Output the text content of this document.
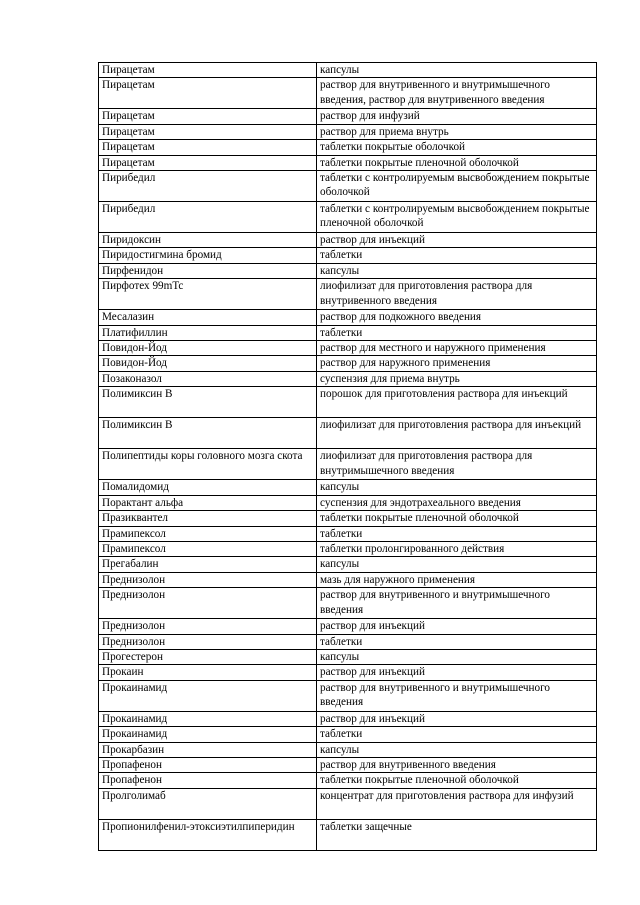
Пирацетам	капсулы
Пирацетам	раствор для внутривенного и внутримышечного введения, раствор для внутривенного введения
Пирацетам	раствор для инфузий
Пирацетам	раствор для приема внутрь
Пирацетам	таблетки покрытые оболочкой
Пирацетам	таблетки покрытые пленочной оболочкой
Пирибедил	таблетки с контролируемым высвобождением покрытые оболочкой
Пирибедил	таблетки с контролируемым высвобождением покрытые пленочной оболочкой
Пиридоксин	раствор для инъекций
Пиридостигмина бромид	таблетки
Пирфенидон	капсулы
Пирфотех 99mTc	лиофилизат для приготовления раствора для внутривенного введения
Месалазин	раствор для подкожного введения
Платифиллин	таблетки
Повидон-Йод	раствор для местного и наружного применения
Повидон-Йод	раствор для наружного применения
Позаконазол	суспензия для приема внутрь
Полимиксин В	порошок для приготовления раствора для инъекций
Полимиксин В	лиофилизат для приготовления раствора для инъекций
Полипептиды коры головного мозга скота	лиофилизат для приготовления раствора для внутримышечного введения
Помалидомид	капсулы
Порактант альфа	суспензия для эндотрахеального введения
Празиквантел	таблетки покрытые пленочной оболочкой
Прамипексол	таблетки
Прамипексол	таблетки пролонгированного действия
Прегабалин	капсулы
Преднизолон	мазь для наружного применения
Преднизолон	раствор для внутривенного и внутримышечного введения
Преднизолон	раствор для инъекций
Преднизолон	таблетки
Прогестерон	капсулы
Прокаин	раствор для инъекций
Прокаинамид	раствор для внутривенного и внутримышечного введения
Прокаинамид	раствор для инъекций
Прокаинамид	таблетки
Прокарбазин	капсулы
Пропафенон	раствор для внутривенного введения
Пропафенон	таблетки покрытые пленочной оболочкой
Пролголимаб	концентрат для приготовления раствора для инфузий
Пропионилфенил-этоксиэтилпиперидин	таблетки защечные
